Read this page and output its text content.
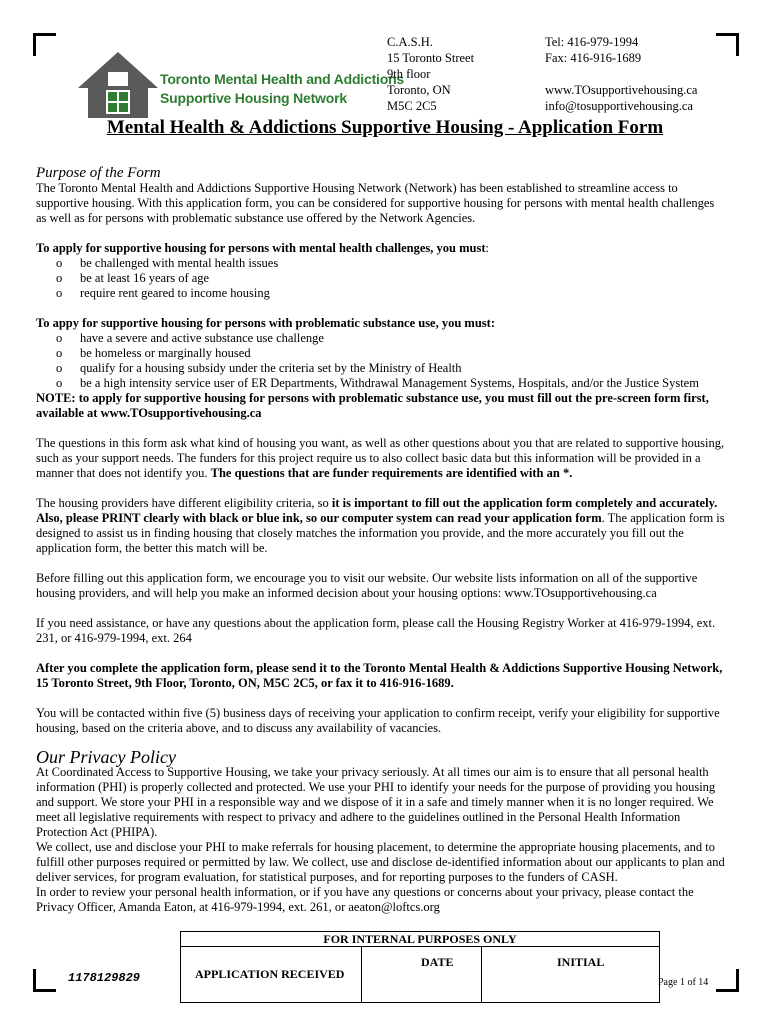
Toronto Mental Health and Addictions
Supportive Housing Network
C.A.S.H.
15 Toronto Street
9th floor
Toronto, ON
M5C 2C5
Tel: 416-979-1994
Fax: 416-916-1689
www.TOsupportivehousing.ca
info@tosupportivehousing.ca
Mental Health & Addictions Supportive Housing - Application Form

Purpose of the Form

The Toronto Mental Health and Addictions Supportive Housing Network (Network) has been established to streamline access to supportive housing. With this application form, you can be considered for supportive housing for persons with mental health challenges as well as for persons with problematic substance use offered by the Network Agencies.

To apply for supportive housing for persons with mental health challenges, you must:

o be challenged with mental health issues
o be at least 16 years of age
o require rent geared to income housing

To appy for supportive housing for persons with problematic substance use, you must:

o have a severe and active substance use challenge
o be homeless or marginally housed
o qualify for a housing subsidy under the criteria set by the Ministry of Health
o be a high intensity service user of ER Departments, Withdrawal Management Systems, Hospitals, and/or the Justice System

NOTE: to apply for supportive housing for persons with problematic substance use, you must fill out the pre-screen form first, available at www.TOsupportivehousing.ca

The questions in this form ask what kind of housing you want, as well as other questions about you that are related to supportive housing, such as your support needs. The funders for this project require us to also collect basic data but this information will be provided in a manner that does not identify you. The questions that are funder requirements are identified with an *.

The housing providers have different eligibility criteria, so it is important to fill out the application form completely and accurately. Also, please PRINT clearly with black or blue ink, so our computer system can read your application form. The application form is designed to assist us in finding housing that closely matches the information you provide, and the more accurately you fill out the application form, the better this match will be.

Before filling out this application form, we encourage you to visit our website. Our website lists information on all of the supportive housing providers, and will help you make an informed decision about your housing options: www.TOsupportivehousing.ca

If you need assistance, or have any questions about the application form, please call the Housing Registry Worker at 416-979-1994, ext. 231, or 416-979-1994, ext. 264

After you complete the application form, please send it to the Toronto Mental Health & Addictions Supportive Housing Network, 15 Toronto Street, 9th Floor, Toronto, ON, M5C 2C5, or fax it to 416-916-1689.

You will be contacted within five (5) business days of receiving your application to confirm receipt, verify your eligibility for supportive housing, based on the criteria above, and to discuss any availability of vacancies.

Our Privacy Policy

At Coordinated Access to Supportive Housing, we take your privacy seriously. At all times our aim is to ensure that all personal health information (PHI) is properly collected and protected. We use your PHI to identify your needs for the purpose of providing you housing and support. We store your PHI in a responsible way and we dispose of it in a safe and timely manner when it is no longer required. We meet all legislative requirements with respect to privacy and adhere to the guidelines outlined in the Personal Health Information Protection Act (PHIPA).

We collect, use and disclose your PHI to make referrals for housing placement, to determine the appropriate housing placements, and to fulfill other purposes required or permitted by law. We collect, use and disclose de-identified information about our applicants to plan and deliver services, for program evaluation, for statistical purposes, and for reporting purposes to the funders of CASH.

In order to review your personal health information, or if you have any questions or concerns about your privacy, please contact the Privacy Officer, Amanda Eaton, at 416-979-1994, ext. 261, or aeaton@loftcs.org

FOR INTERNAL PURPOSES ONLY
DATE	INITIAL
APPLICATION RECEIVED
1178129829	Page 1 of 14
